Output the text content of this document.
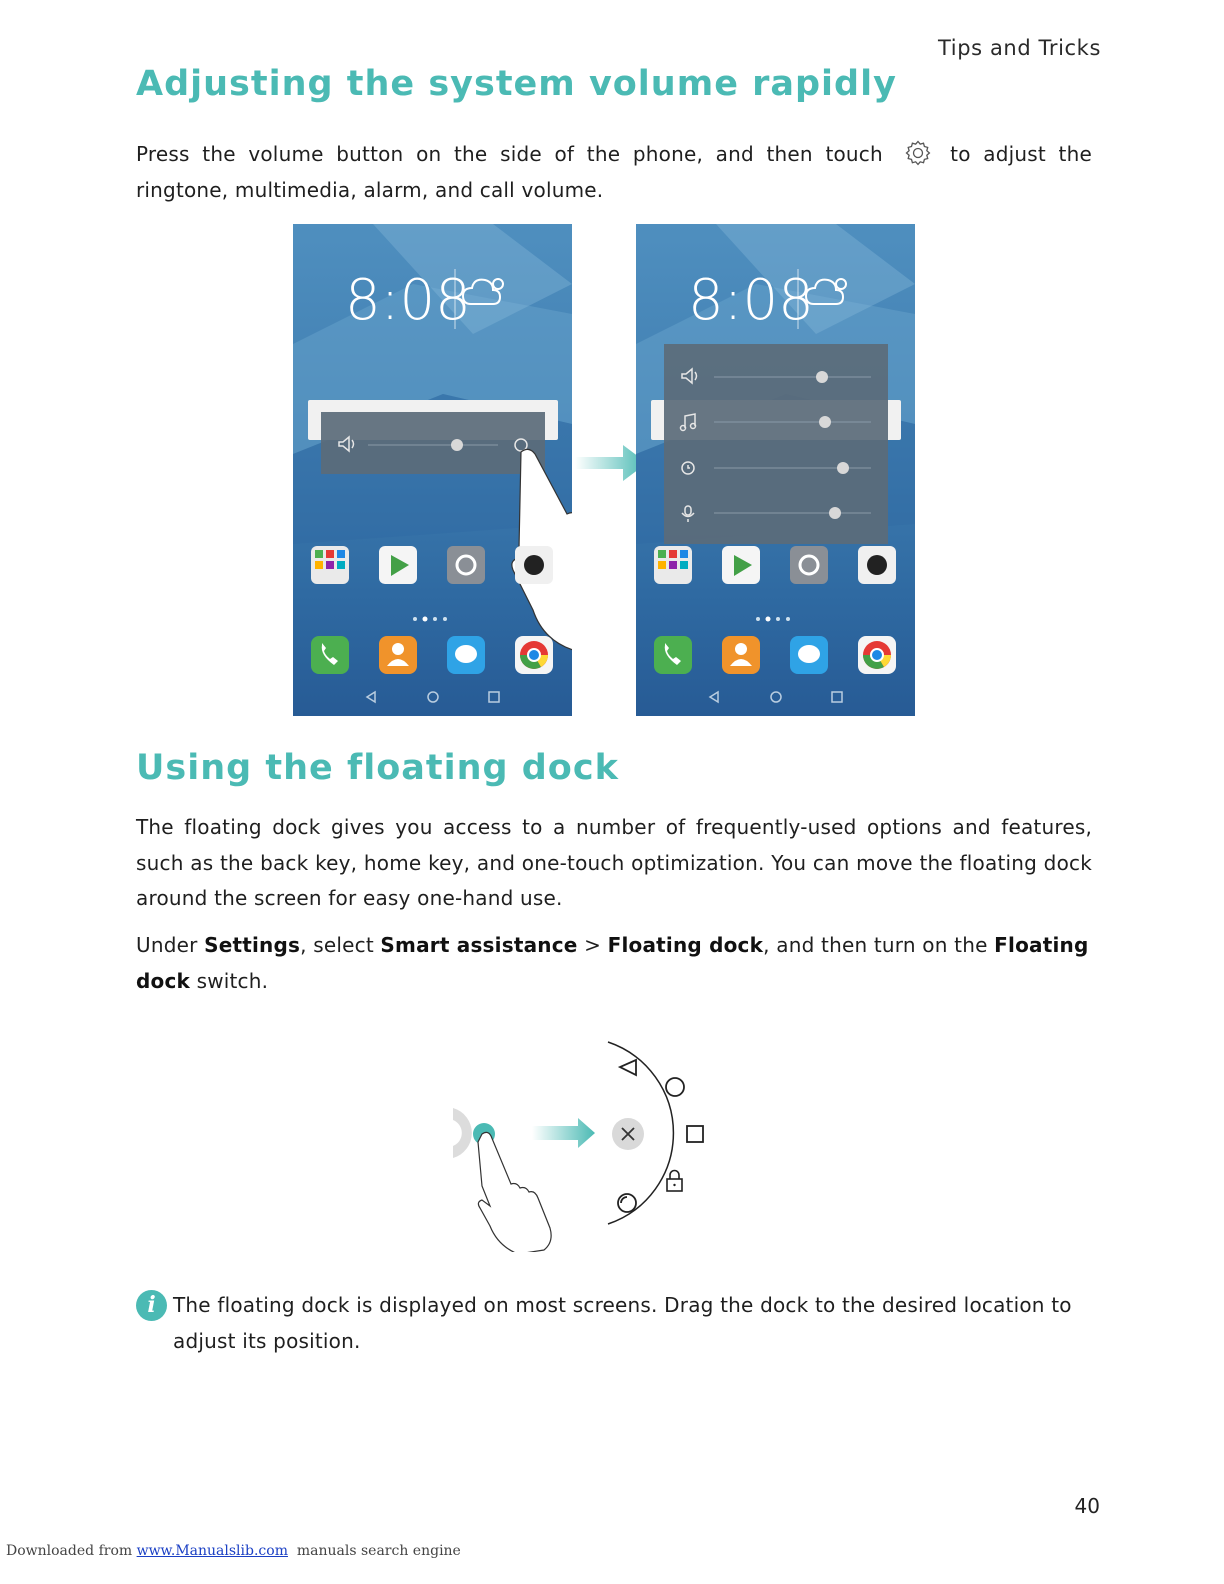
Tips and Tricks
Adjusting the system volume rapidly
Press the volume button on the side of the phone, and then touch	to adjust the ringtone, multimedia, alarm, and call volume.
8:08	8:08
Using the floating dock
The floating dock gives you access to a number of frequently-used options and features, such as the back key, home key, and one-touch optimization. You can move the floating dock around the screen for easy one-hand use.
Under Settings, select Smart assistance > Floating dock, and then turn on the Floating dock switch.
i The floating dock is displayed on most screens. Drag the dock to the desired location to adjust its position.
40
Downloaded from www.Manualslib.com  manuals search engine
